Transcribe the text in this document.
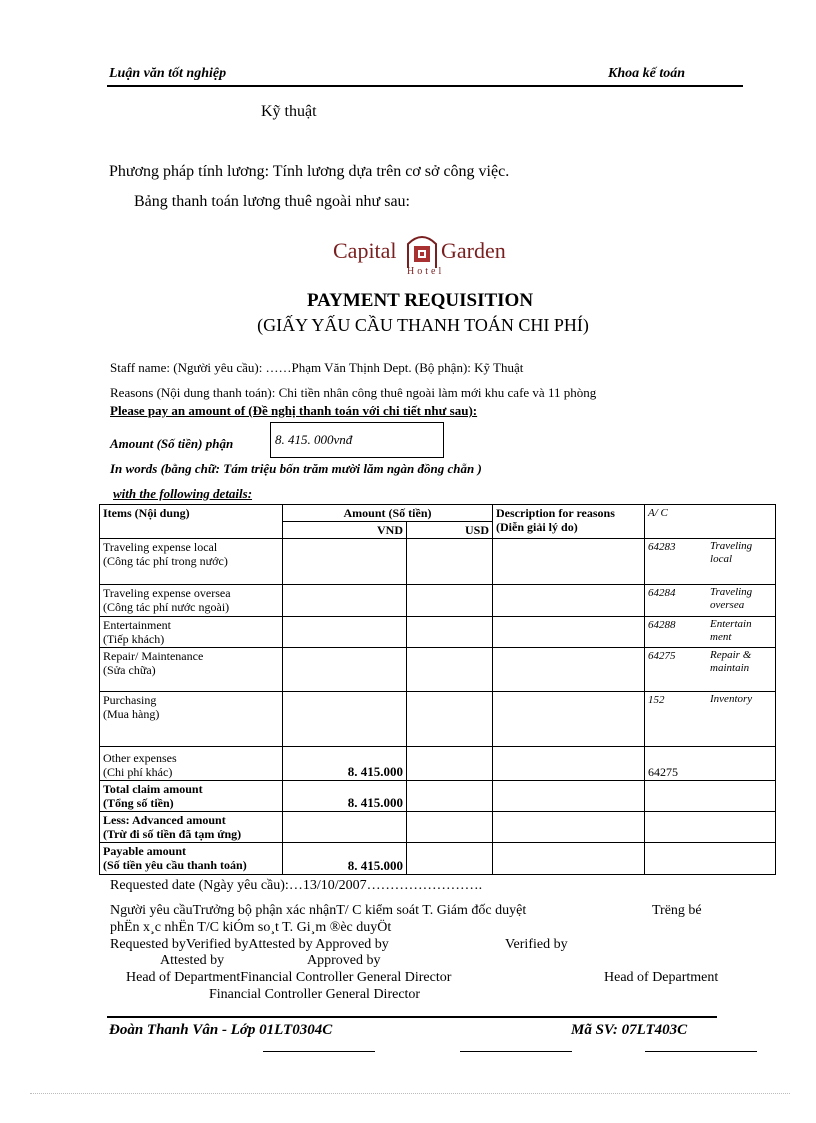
Luận văn tốt nghiệp	Khoa kế toán
Kỹ thuật
Phương pháp tính lương: Tính lương dựa trên cơ sở công việc.
Bảng thanh toán lương thuê ngoài như sau:
Capital Garden
Hotel
PAYMENT REQUISITION
(GIẤY YẤU CẦU THANH TOÁN CHI PHÍ)
Staff name: (Người yêu cầu): ……Phạm Văn Thịnh Dept. (Bộ phận): Kỹ Thuật
Reasons (Nội dung thanh toán): Chi tiền nhân công thuê ngoài làm mới khu cafe và 11 phòng
Please pay an amount of (Đề nghị thanh toán với chi tiết như sau):
Amount (Số tiền) phận	8. 415. 000vnđ
In words (bằng chữ: Tám triệu bốn trăm mười lăm ngàn đồng chẵn )
with the following details:
Items (Nội dung)	Amount (Số tiền)		Description for reasons (Diễn giải lý do)	A/ C
	VND	USD		
Traveling expense local
(Công tác phí trong nước)				64283 Traveling local

Traveling expense oversea
(Công tác phí nước ngoài)				64284 Traveling oversea

Entertainment
(Tiếp khách)				64288 Entertain ment

Repair/ Maintenance
(Sửa chữa)				64275 Repair & maintain

Purchasing
(Mua hàng)				152 Inventory

Other expenses
(Chi phí khác)	8. 415.000			64275
Total claim amount
(Tổng số tiền)	8. 415.000			
Less: Advanced amount
(Trừ đi số tiền đã tạm ứng)				
Payable amount
(Số tiền yêu cầu thanh toán)	8. 415.000			
Requested date (Ngày yêu cầu):…13/10/2007…………………….
Người yêu cầuTrưởng bộ phận xác nhậnT/ C kiểm soát T. Giám đốc duyệt	Trëng bé
phËn x¸c nhËn T/C kiÓm so¸t T. Gi¸m ®èc duyÖt
Requested byVerified byAttested by Approved by	Verified by
Attested by	Approved by
Head of DepartmentFinancial Controller General Director	Head of Department
Financial Controller General Director
Đoàn Thanh Vân - Lớp 01LT0304C	Mã SV: 07LT403C
